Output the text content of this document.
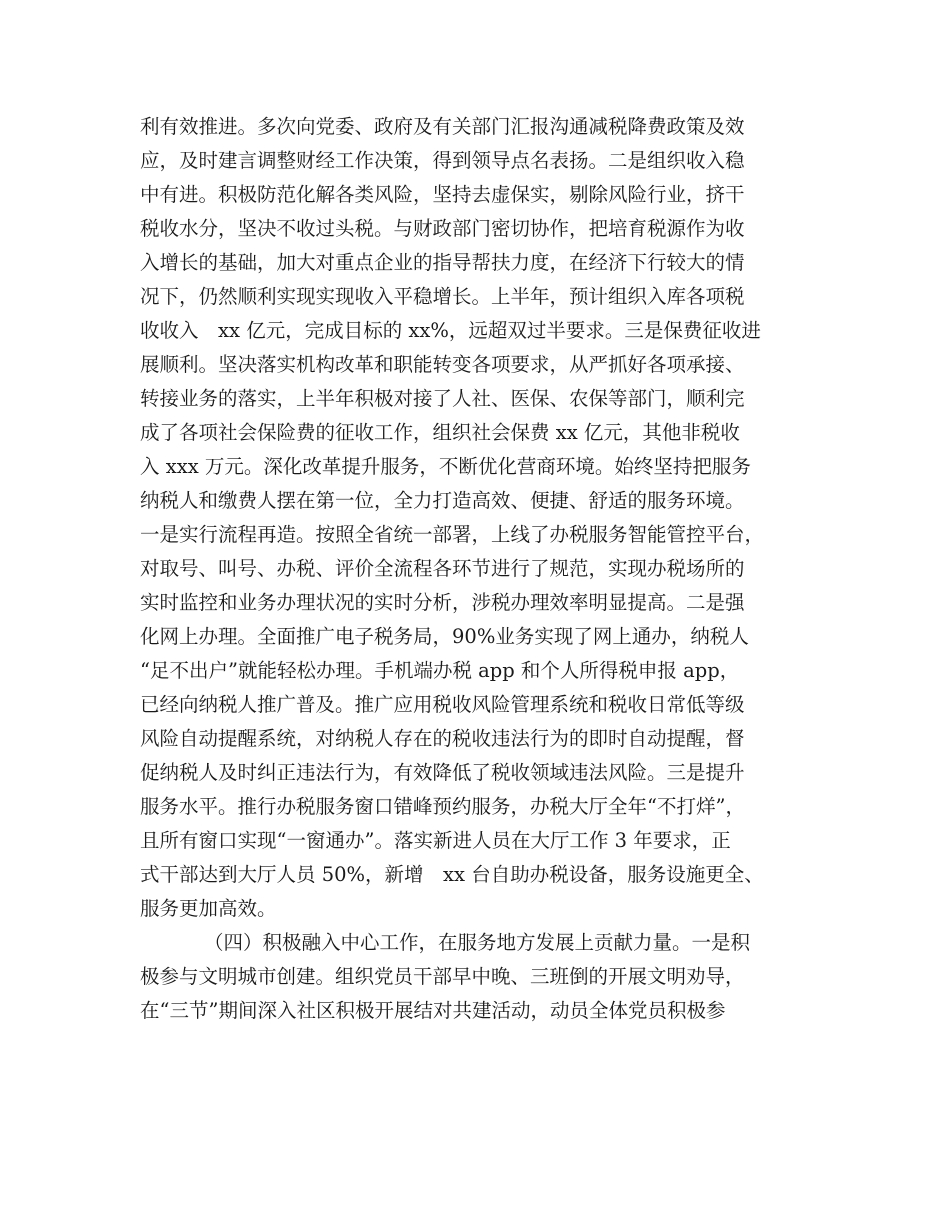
利有效推进。多次向党委、政府及有关部门汇报沟通减税降费政策及效
应，及时建言调整财经工作决策，得到领导点名表扬。二是组织收入稳
中有进。积极防范化解各类风险，坚持去虚保实，剔除风险行业，挤干
税收水分，坚决不收过头税。与财政部门密切协作，把培育税源作为收
入增长的基础，加大对重点企业的指导帮扶力度，在经济下行较大的情
况下，仍然顺利实现实现收入平稳增长。上半年，预计组织入库各项税
收收入　xx 亿元，完成目标的 xx%，远超双过半要求。三是保费征收进
展顺利。坚决落实机构改革和职能转变各项要求，从严抓好各项承接、
转接业务的落实，上半年积极对接了人社、医保、农保等部门，顺利完
成了各项社会保险费的征收工作，组织社会保费 xx 亿元，其他非税收
入 xxx 万元。深化改革提升服务，不断优化营商环境。始终坚持把服务
纳税人和缴费人摆在第一位，全力打造高效、便捷、舒适的服务环境。
一是实行流程再造。按照全省统一部署，上线了办税服务智能管控平台，
对取号、叫号、办税、评价全流程各环节进行了规范，实现办税场所的
实时监控和业务办理状况的实时分析，涉税办理效率明显提高。二是强
化网上办理。全面推广电子税务局，90%业务实现了网上通办，纳税人
“足不出户”就能轻松办理。手机端办税 app 和个人所得税申报 app，
已经向纳税人推广普及。推广应用税收风险管理系统和税收日常低等级
风险自动提醒系统，对纳税人存在的税收违法行为的即时自动提醒，督
促纳税人及时纠正违法行为，有效降低了税收领域违法风险。三是提升
服务水平。推行办税服务窗口错峰预约服务，办税大厅全年“不打烊”，
且所有窗口实现“一窗通办”。落实新进人员在大厅工作 3 年要求，正
式干部达到大厅人员 50%，新增　xx 台自助办税设备，服务设施更全、
服务更加高效。
（四）积极融入中心工作，在服务地方发展上贡献力量。一是积
极参与文明城市创建。组织党员干部早中晚、三班倒的开展文明劝导，
在“三节”期间深入社区积极开展结对共建活动，动员全体党员积极参
